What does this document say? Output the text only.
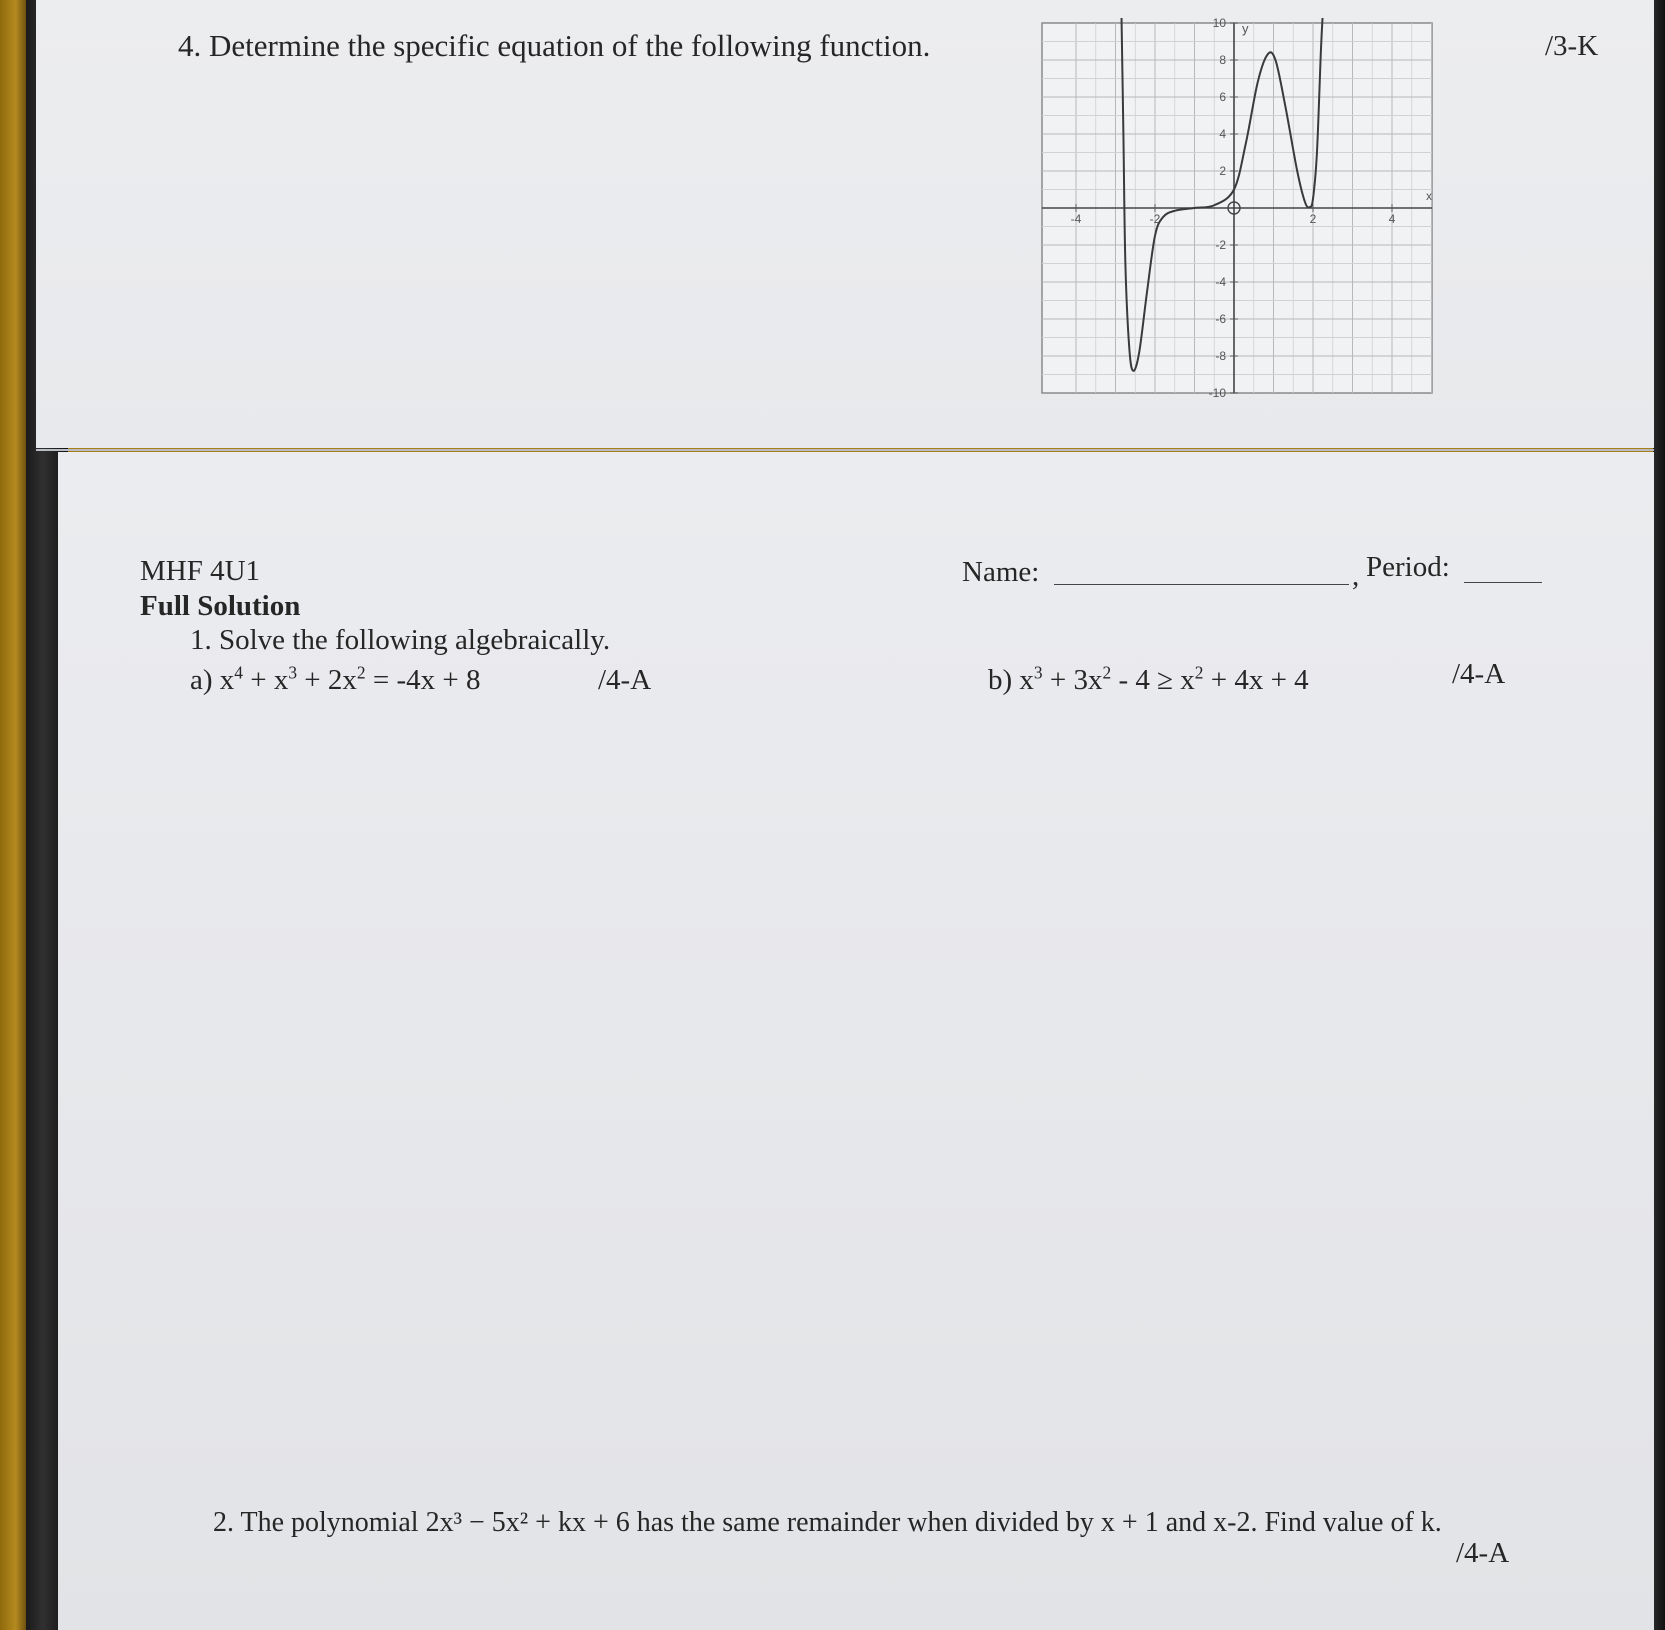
4. Determine the specific equation of the following function.	/3-K
-4	-2	2	4
10
8
6
4
2
-2
-4
-6
-8
-10
x
y
MHF 4U1
Full Solution
Name:	, Period:
1. Solve the following algebraically.
a) $x^4 + x^3 + 2x^2 = -4x + 8$	/4-A	b) $x^3 + 3x^2 - 4 \ge x^2 + 4x + 4$	/4-A
2. The polynomial 2x³ − 5x² + kx + 6 has the same remainder when divided by x + 1 and x-2. Find value of k.
/4-A
